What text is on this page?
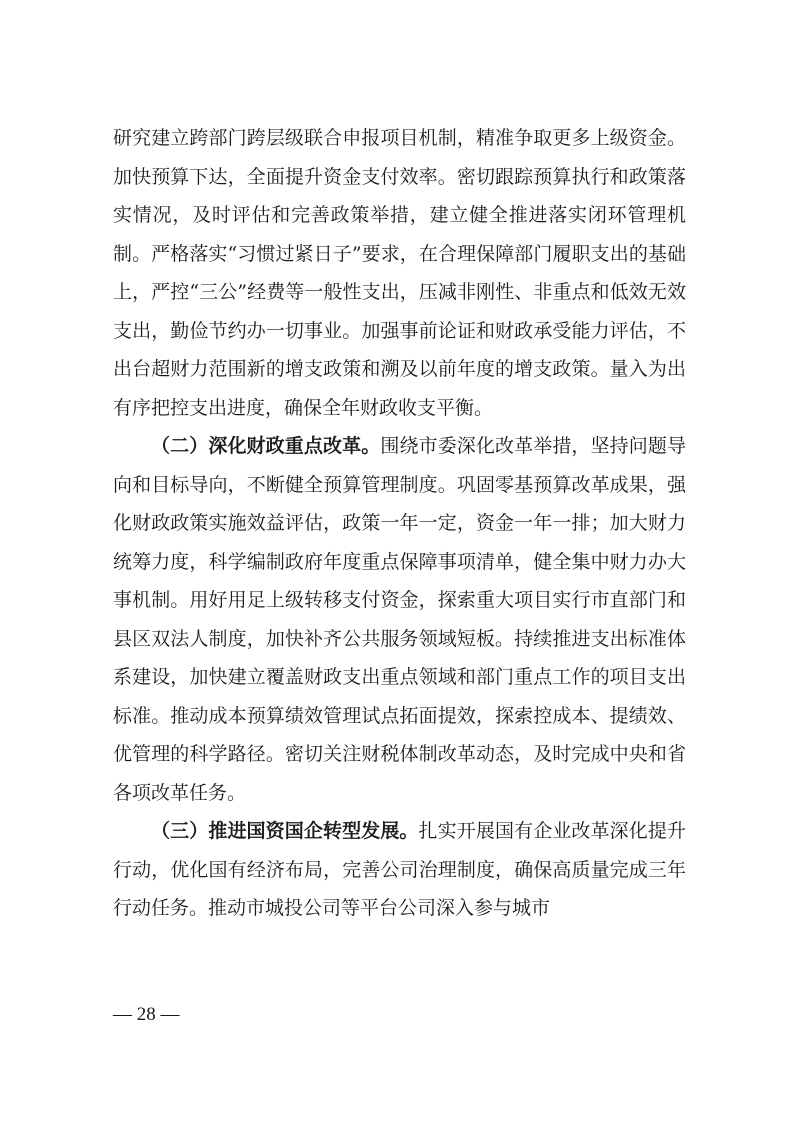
研究建立跨部门跨层级联合申报项目机制，精准争取更多上级资金。加快预算下达，全面提升资金支付效率。密切跟踪预算执行和政策落实情况，及时评估和完善政策举措，建立健全推进落实闭环管理机制。严格落实“习惯过紧日子”要求，在合理保障部门履职支出的基础上，严控“三公”经费等一般性支出，压减非刚性、非重点和低效无效支出，勤俭节约办一切事业。加强事前论证和财政承受能力评估，不出台超财力范围新的增支政策和溯及以前年度的增支政策。量入为出有序把控支出进度，确保全年财政收支平衡。

（二）深化财政重点改革。围绕市委深化改革举措，坚持问题导向和目标导向，不断健全预算管理制度。巩固零基预算改革成果，强化财政政策实施效益评估，政策一年一定，资金一年一排；加大财力统筹力度，科学编制政府年度重点保障事项清单，健全集中财力办大事机制。用好用足上级转移支付资金，探索重大项目实行市直部门和县区双法人制度，加快补齐公共服务领域短板。持续推进支出标准体系建设，加快建立覆盖财政支出重点领域和部门重点工作的项目支出标准。推动成本预算绩效管理试点拓面提效，探索控成本、提绩效、优管理的科学路径。密切关注财税体制改革动态，及时完成中央和省各项改革任务。

（三）推进国资国企转型发展。扎实开展国有企业改革深化提升行动，优化国有经济布局，完善公司治理制度，确保高质量完成三年行动任务。推动市城投公司等平台公司深入参与城市

— 28 —
